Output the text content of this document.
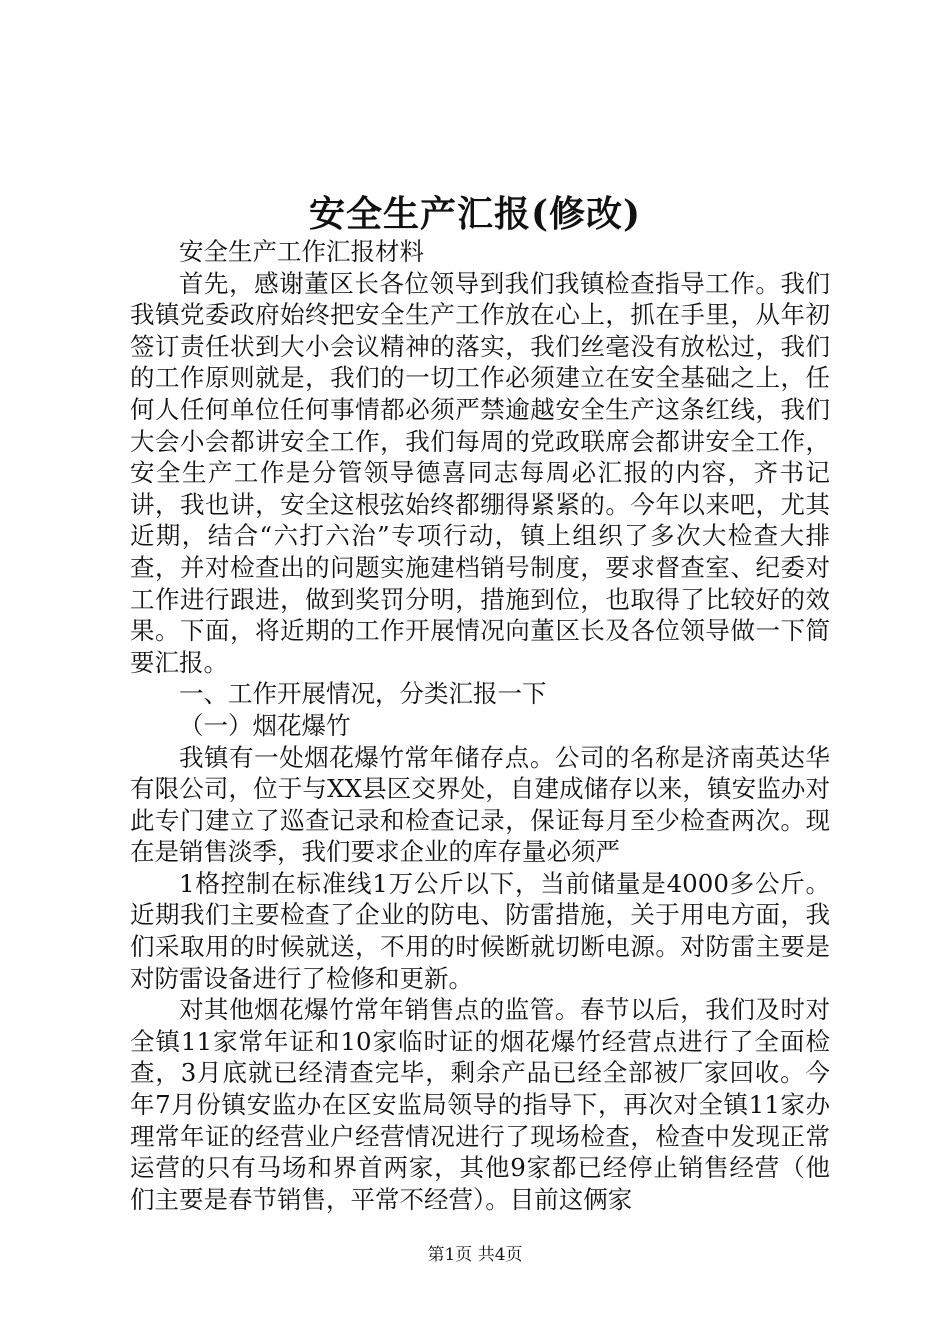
安全生产汇报(修改)

安全生产工作汇报材料

首先，感谢董区长各位领导到我们我镇检查指导工作。我们我镇党委政府始终把安全生产工作放在心上，抓在手里，从年初签订责任状到大小会议精神的落实，我们丝毫没有放松过，我们的工作原则就是，我们的一切工作必须建立在安全基础之上，任何人任何单位任何事情都必须严禁逾越安全生产这条红线，我们大会小会都讲安全工作，我们每周的党政联席会都讲安全工作，安全生产工作是分管领导德喜同志每周必汇报的内容，齐书记讲，我也讲，安全这根弦始终都绷得紧紧的。今年以来吧，尤其近期，结合“六打六治”专项行动，镇上组织了多次大检查大排查，并对检查出的问题实施建档销号制度，要求督查室、纪委对工作进行跟进，做到奖罚分明，措施到位，也取得了比较好的效果。下面，将近期的工作开展情况向董区长及各位领导做一下简要汇报。

一、工作开展情况，分类汇报一下

（一）烟花爆竹

我镇有一处烟花爆竹常年储存点。公司的名称是济南英达华有限公司，位于与XX县区交界处，自建成储存以来，镇安监办对此专门建立了巡查记录和检查记录，保证每月至少检查两次。现在是销售淡季，我们要求企业的库存量必须严

1格控制在标准线1万公斤以下，当前储量是4000多公斤。近期我们主要检查了企业的防电、防雷措施，关于用电方面，我们采取用的时候就送，不用的时候断就切断电源。对防雷主要是对防雷设备进行了检修和更新。

对其他烟花爆竹常年销售点的监管。春节以后，我们及时对全镇11家常年证和10家临时证的烟花爆竹经营点进行了全面检查，3月底就已经清查完毕，剩余产品已经全部被厂家回收。今年7月份镇安监办在区安监局领导的指导下，再次对全镇11家办理常年证的经营业户经营情况进行了现场检查，检查中发现正常运营的只有马场和界首两家，其他9家都已经停止销售经营（他们主要是春节销售，平常不经营）。目前这俩家

第1页 共4页
